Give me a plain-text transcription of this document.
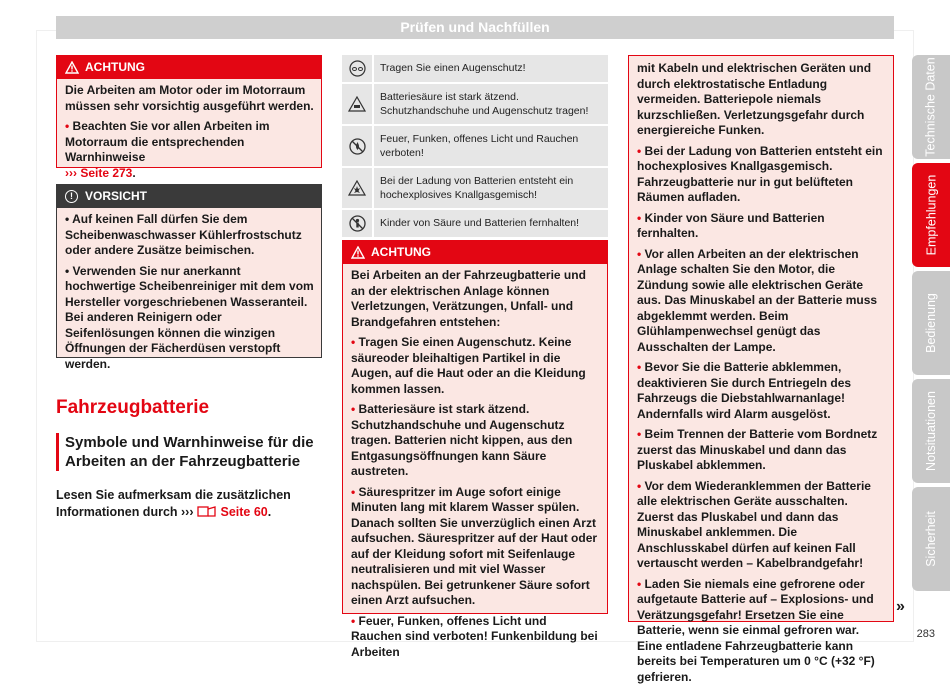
Prüfen und Nachfüllen
ACHTUNG

Die Arbeiten am Motor oder im Motorraum müssen sehr vorsichtig ausgeführt werden.

• Beachten Sie vor allen Arbeiten im Motorraum die entsprechenden Warnhinweise
››› Seite 273.

!	VORSICHT

• Auf keinen Fall dürfen Sie dem Scheibenwaschwasser Kühlerfrostschutz oder andere Zusätze beimischen.

• Verwenden Sie nur anerkannt hochwertige Scheibenreiniger mit dem vom Hersteller vorgeschriebenen Wasseranteil. Bei anderen Reinigern oder Seifenlösungen können die winzigen Öffnungen der Fächerdüsen verstopft werden.

Fahrzeugbatterie
Symbole und Warnhinweise für die Arbeiten an der Fahrzeugbatterie
Lesen Sie aufmerksam die zusätzlichen Informationen durch ››› Seite 60.
Tragen Sie einen Augenschutz!
Batteriesäure ist stark ätzend. Schutzhandschuhe und Augenschutz tragen!
Feuer, Funken, offenes Licht und Rauchen verboten!
Bei der Ladung von Batterien entsteht ein hochexplosives Knallgasgemisch!
Kinder von Säure und Batterien fernhalten!
ACHTUNG

Bei Arbeiten an der Fahrzeugbatterie und an der elektrischen Anlage können Verletzungen, Verätzungen, Unfall- und Brandgefahren entstehen:

• Tragen Sie einen Augenschutz. Keine säureoder bleihaltigen Partikel in die Augen, auf die Haut oder an die Kleidung kommen lassen.

• Batteriesäure ist stark ätzend. Schutzhandschuhe und Augenschutz tragen. Batterien nicht kippen, aus den Entgasungsöffnungen kann Säure austreten.

• Säurespritzer im Auge sofort einige Minuten lang mit klarem Wasser spülen. Danach sollten Sie unverzüglich einen Arzt aufsuchen. Säurespritzer auf der Haut oder auf der Kleidung sofort mit Seifenlauge neutralisieren und mit viel Wasser nachspülen. Bei getrunkener Säure sofort einen Arzt aufsuchen.

• Feuer, Funken, offenes Licht und Rauchen sind verboten! Funkenbildung bei Arbeiten

mit Kabeln und elektrischen Geräten und durch elektrostatische Entladung vermeiden. Batteriepole niemals kurzschließen. Verletzungsgefahr durch energiereiche Funken.

• Bei der Ladung von Batterien entsteht ein hochexplosives Knallgasgemisch. Fahrzeugbatterie nur in gut belüfteten Räumen aufladen.

• Kinder von Säure und Batterien fernhalten.

• Vor allen Arbeiten an der elektrischen Anlage schalten Sie den Motor, die Zündung sowie alle elektrischen Geräte aus. Das Minuskabel an der Batterie muss abgeklemmt werden. Beim Glühlampenwechsel genügt das Ausschalten der Lampe.

• Bevor Sie die Batterie abklemmen, deaktivieren Sie durch Entriegeln des Fahrzeugs die Diebstahlwarnanlage! Andernfalls wird Alarm ausgelöst.

• Beim Trennen der Batterie vom Bordnetz zuerst das Minuskabel und dann das Pluskabel abklemmen.

• Vor dem Wiederanklemmen der Batterie alle elektrischen Geräte ausschalten. Zuerst das Pluskabel und dann das Minuskabel anklemmen. Die Anschlusskabel dürfen auf keinen Fall vertauscht werden – Kabelbrandgefahr!

• Laden Sie niemals eine gefrorene oder aufgetaute Batterie auf – Explosions- und Verätzungsgefahr! Ersetzen Sie eine Batterie, wenn sie einmal gefroren war. Eine entladene Fahrzeugbatterie kann bereits bei Temperaturen um 0 °C (+32 °F) gefrieren.

»
Technische Daten
Empfehlungen
Bedienung
Notsituationen
Sicherheit
283
